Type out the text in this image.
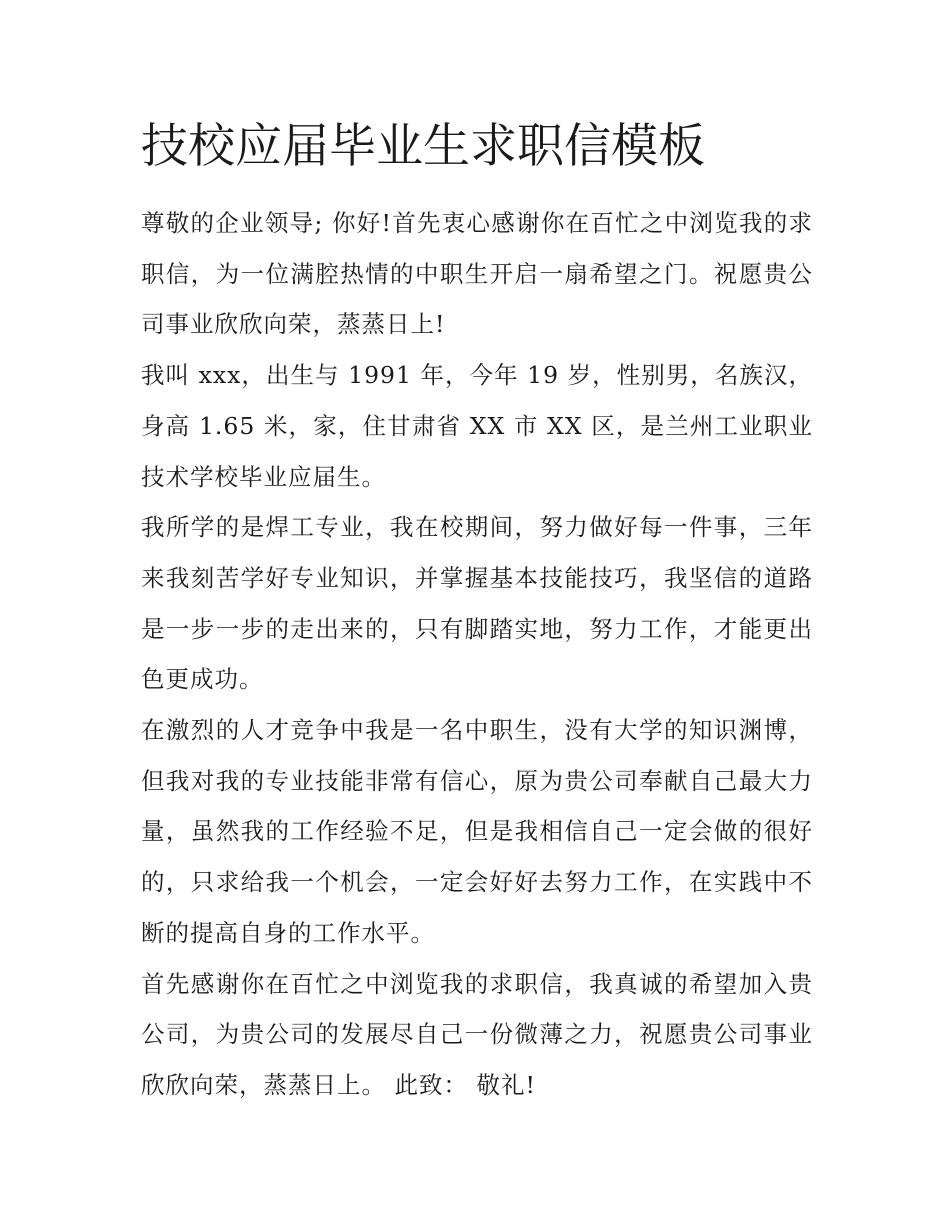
技校应届毕业生求职信模板

尊敬的企业领导; 你好!首先衷心感谢你在百忙之中浏览我的求职信，为一位满腔热情的中职生开启一扇希望之门。祝愿贵公司事业欣欣向荣，蒸蒸日上!

我叫 xxx，出生与 1991 年，今年 19 岁，性别男，名族汉，身高 1.65 米，家，住甘肃省 XX 市 XX 区，是兰州工业职业技术学校毕业应届生。

我所学的是焊工专业，我在校期间，努力做好每一件事，三年来我刻苦学好专业知识，并掌握基本技能技巧，我坚信的道路是一步一步的走出来的，只有脚踏实地，努力工作，才能更出色更成功。

在激烈的人才竞争中我是一名中职生，没有大学的知识渊博，但我对我的专业技能非常有信心，原为贵公司奉献自己最大力量，虽然我的工作经验不足，但是我相信自己一定会做的很好的，只求给我一个机会，一定会好好去努力工作，在实践中不断的提高自身的工作水平。

首先感谢你在百忙之中浏览我的求职信，我真诚的希望加入贵公司，为贵公司的发展尽自己一份微薄之力，祝愿贵公司事业欣欣向荣，蒸蒸日上。 此致： 敬礼!
